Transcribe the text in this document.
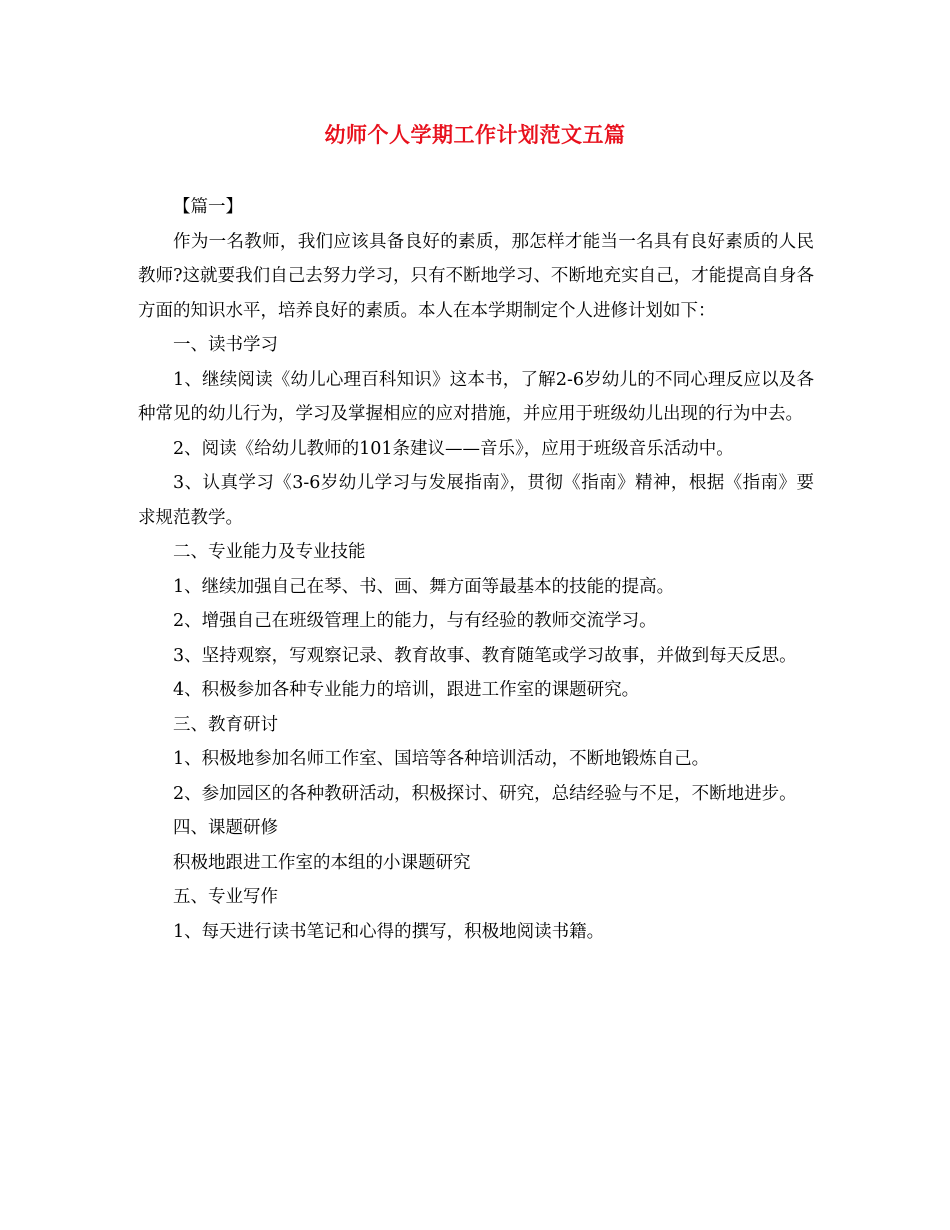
幼师个人学期工作计划范文五篇

【篇一】

作为一名教师，我们应该具备良好的素质，那怎样才能当一名具有良好素质的人民教师?这就要我们自己去努力学习，只有不断地学习、不断地充实自己，才能提高自身各方面的知识水平，培养良好的素质。本人在本学期制定个人进修计划如下：

一、读书学习

1、继续阅读《幼儿心理百科知识》这本书，了解2-6岁幼儿的不同心理反应以及各种常见的幼儿行为，学习及掌握相应的应对措施，并应用于班级幼儿出现的行为中去。

2、阅读《给幼儿教师的101条建议——音乐》，应用于班级音乐活动中。

3、认真学习《3-6岁幼儿学习与发展指南》，贯彻《指南》精神，根据《指南》要求规范教学。

二、专业能力及专业技能

1、继续加强自己在琴、书、画、舞方面等最基本的技能的提高。

2、增强自己在班级管理上的能力，与有经验的教师交流学习。

3、坚持观察，写观察记录、教育故事、教育随笔或学习故事，并做到每天反思。

4、积极参加各种专业能力的培训，跟进工作室的课题研究。

三、教育研讨

1、积极地参加名师工作室、国培等各种培训活动，不断地锻炼自己。

2、参加园区的各种教研活动，积极探讨、研究，总结经验与不足，不断地进步。

四、课题研修

积极地跟进工作室的本组的小课题研究

五、专业写作

1、每天进行读书笔记和心得的撰写，积极地阅读书籍。
